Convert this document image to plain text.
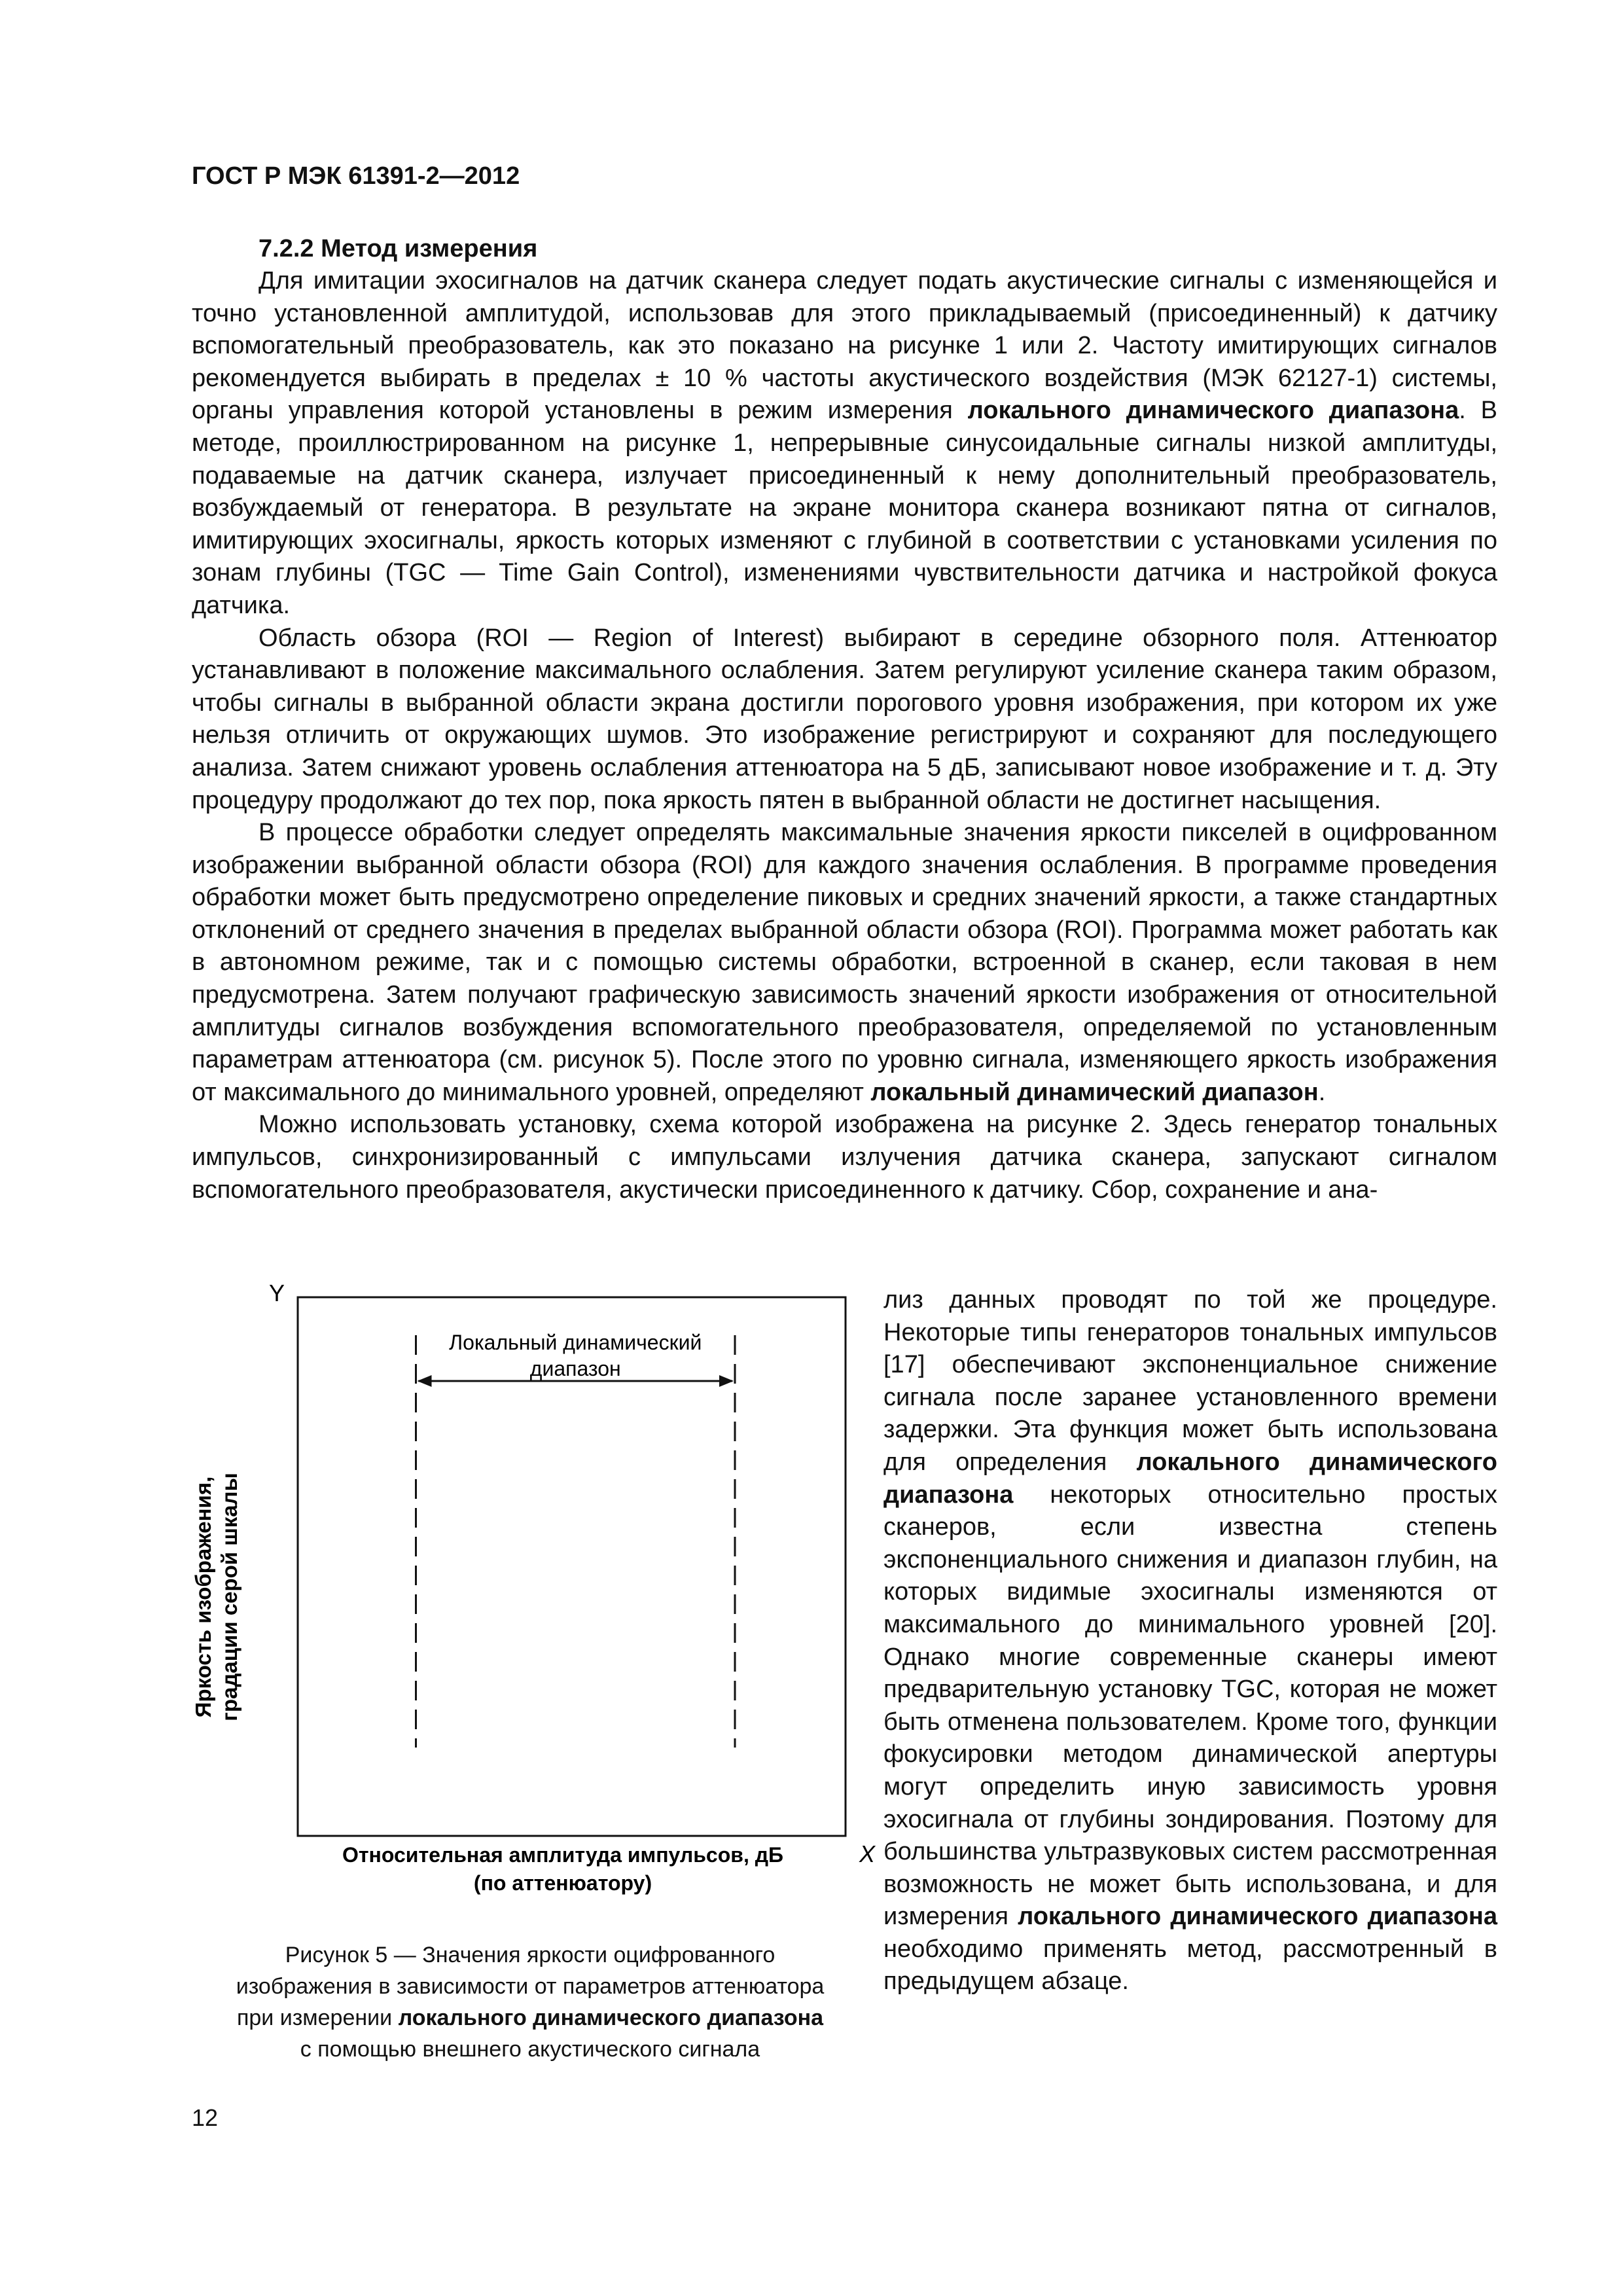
ГОСТ Р МЭК 61391-2—2012
7.2.2 Метод измерения

Для имитации эхосигналов на датчик сканера следует подать акустические сигналы с изменяющейся и точно установленной амплитудой, использовав для этого прикладываемый (присоединенный) к датчику вспомогательный преобразователь, как это показано на рисунке 1 или 2. Частоту имитирующих сигналов рекомендуется выбирать в пределах ± 10 % частоты акустического воздействия (МЭК 62127-1) системы, органы управления которой установлены в режим измерения локального динамического диапазона. В методе, проиллюстрированном на рисунке 1, непрерывные синусоидальные сигналы низкой амплитуды, подаваемые на датчик сканера, излучает присоединенный к нему дополнительный преобразователь, возбуждаемый от генератора. В результате на экране монитора сканера возникают пятна от сигналов, имитирующих эхосигналы, яркость которых изменяют с глубиной в соответствии с установками усиления по зонам глубины (TGC — Time Gain Control), изменениями чувствительности датчика и настройкой фокуса датчика.

Область обзора (ROI — Region of Interest) выбирают в середине обзорного поля. Аттенюатор устанавливают в положение максимального ослабления. Затем регулируют усиление сканера таким образом, чтобы сигналы в выбранной области экрана достигли порогового уровня изображения, при котором их уже нельзя отличить от окружающих шумов. Это изображение регистрируют и сохраняют для последующего анализа. Затем снижают уровень ослабления аттенюатора на 5 дБ, записывают новое изображение и т. д. Эту процедуру продолжают до тех пор, пока яркость пятен в выбранной области не достигнет насыщения.

В процессе обработки следует определять максимальные значения яркости пикселей в оцифрованном изображении выбранной области обзора (ROI) для каждого значения ослабления. В программе проведения обработки может быть предусмотрено определение пиковых и средних значений яркости, а также стандартных отклонений от среднего значения в пределах выбранной области обзора (ROI). Программа может работать как в автономном режиме, так и с помощью системы обработки, встроенной в сканер, если таковая в нем предусмотрена. Затем получают графическую зависимость значений яркости изображения от относительной амплитуды сигналов возбуждения вспомогательного преобразователя, определяемой по установленным параметрам аттенюатора (см. рисунок 5). После этого по уровню сигнала, изменяющего яркость изображения от максимального до минимального уровней, определяют локальный динамический диапазон.

Можно использовать установку, схема которой изображена на рисунке 2. Здесь генератор тональных импульсов, синхронизированный с импульсами излучения датчика сканера, запускают сигналом вспомогательного преобразователя, акустически присоединенного к датчику. Сбор, сохранение и ана-

Y
X
Яркость изображения,градации серой шкалы
Относительная амплитуда импульсов, дБ (по аттенюатору)
Локальный динамический диапазон

лиз данных проводят по той же процедуре. Некоторые типы генераторов тональных импульсов [17] обеспечивают экспоненциальное снижение сигнала после заранее установленного времени задержки. Эта функция может быть использована для определения локального динамического диапазона некоторых относительно простых сканеров, если известна степень экспоненциального снижения и диапазон глубин, на которых видимые эхосигналы изменяются от максимального до минимального уровней [20]. Однако многие современные сканеры имеют предварительную установку TGC, которая не может быть отменена пользователем. Кроме того, функции фокусировки методом динамической апертуры могут определить иную зависимость уровня эхосигнала от глубины зондирования. Поэтому для большинства ультразвуковых систем рассмотренная возможность не может быть использована, и для измерения локального динамического диапазона необходимо применять метод, рассмотренный в предыдущем абзаце.

Рисунок 5 — Значения яркости оцифрованного
изображения в зависимости от параметров аттенюатора
при измерении локального динамического диапазона
с помощью внешнего акустического сигнала
12
